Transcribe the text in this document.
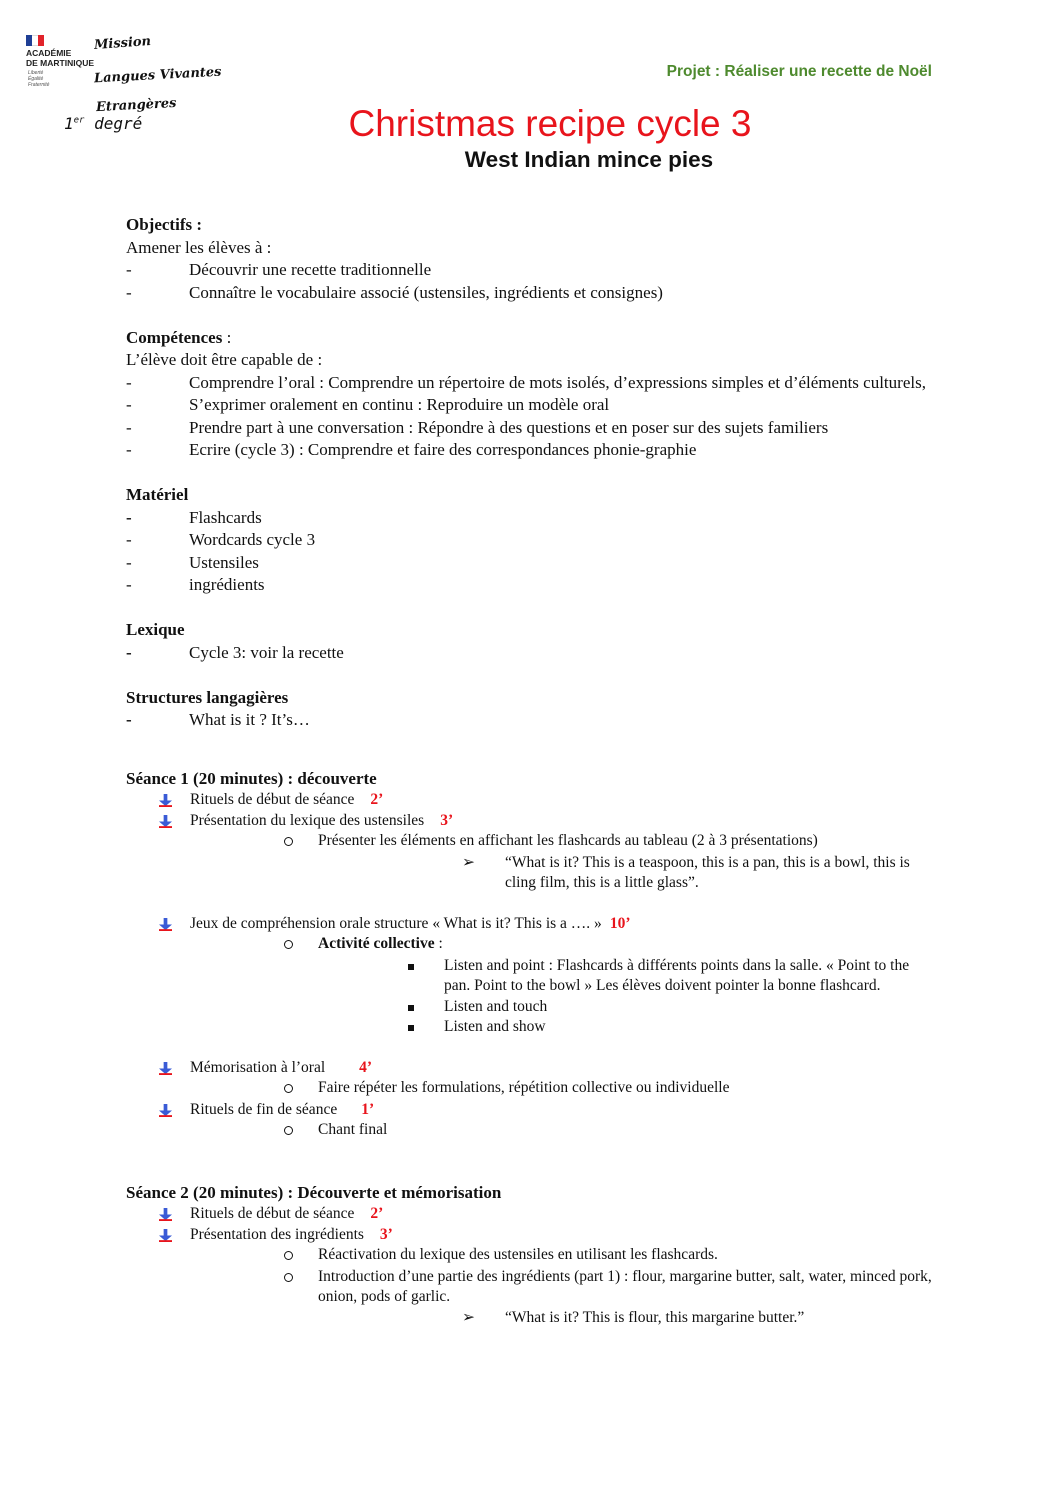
ACADÉMIE
DE MARTINIQUE
Liberté
Égalité
Fraternité
Mission
Langues Vivantes
Etrangères
1er degré
Projet : Réaliser une recette de Noël
Christmas recipe cycle 3
West Indian mince pies
Objectifs :
Amener les élèves à :
-	Découvrir une recette traditionnelle
-	Connaître le vocabulaire associé (ustensiles, ingrédients et consignes)
Compétences :
L’élève doit être capable de :
-	Comprendre l’oral : Comprendre un répertoire de mots isolés, d’expressions simples et d’éléments culturels,
-	S’exprimer oralement en continu : Reproduire un modèle oral
-	Prendre part à une conversation : Répondre à des questions et en poser sur des sujets familiers
-	Ecrire (cycle 3) : Comprendre et faire des correspondances phonie-graphie
Matériel
-	Flashcards
-	Wordcards cycle 3
-	Ustensiles
-	ingrédients
Lexique
-	Cycle 3: voir la recette
Structures langagières
-	What is it ? It’s…
Séance 1 (20 minutes) : découverte
Rituels de début de séance 2’
Présentation du lexique des ustensiles 3’
Présenter les éléments en affichant les flashcards au tableau (2 à 3 présentations)
➢	“What is it? This is a teaspoon, this is a pan, this is a bowl, this is cling film, this is a little glass”.
Jeux de compréhension orale structure « What is it? This is a …. » 10’
Activité collective :
Listen and point : Flashcards à différents points dans la salle. « Point to the pan. Point to the bowl » Les élèves doivent pointer la bonne flashcard.
Listen and touch
Listen and show
Mémorisation à l’oral 4’
Faire répéter les formulations, répétition collective ou individuelle
Rituels de fin de séance 1’
Chant final
Séance 2 (20 minutes) : Découverte et mémorisation
Rituels de début de séance 2’
Présentation des ingrédients 3’
Réactivation du lexique des ustensiles en utilisant les flashcards.
Introduction d’une partie des ingrédients (part 1) : flour, margarine butter, salt, water, minced pork, onion, pods of garlic.
➢	“What is it? This is flour, this margarine butter.”
